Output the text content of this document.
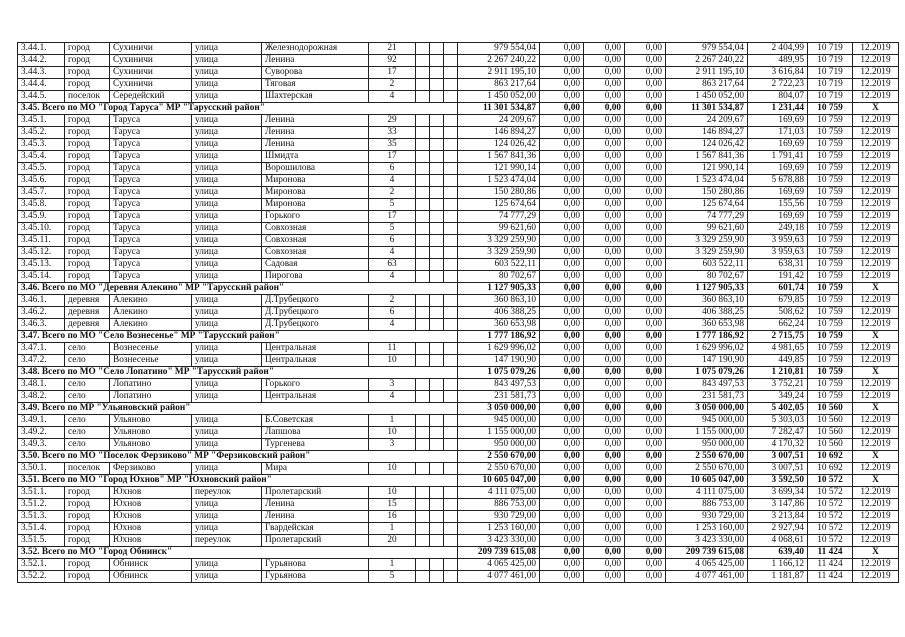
3.44.1.	город	Сухиничи	улица	Железнодорожная	21				979 554,04	0,00	0,00	0,00	979 554,04	2 404,99	10 719	12.2019
3.44.2.	город	Сухиничи	улица	Ленина	92				2 267 240,22	0,00	0,00	0,00	2 267 240,22	489,95	10 719	12.2019
3.44.3.	город	Сухиничи	улица	Суворова	17				2 911 195,10	0,00	0,00	0,00	2 911 195,10	3 616,84	10 719	12.2019
3.44.4.	город	Сухиничи	улица	Тяговая	2				863 217,64	0,00	0,00	0,00	863 217,64	2 722,23	10 719	12.2019
3.44.5.	поселок	Середейский	улица	Шахтерская	4				1 450 052,00	0,00	0,00	0,00	1 450 052,00	804,07	10 719	12.2019
3.45. Всего по МО "Город Таруса" МР "Тарусский район"									11 301 534,87	0,00	0,00	0,00	11 301 534,87	1 231,44	10 759	X
3.45.1.	город	Таруса	улица	Ленина	29				24 209,67	0,00	0,00	0,00	24 209,67	169,69	10 759	12.2019
3.45.2.	город	Таруса	улица	Ленина	33				146 894,27	0,00	0,00	0,00	146 894,27	171,03	10 759	12.2019
3.45.3.	город	Таруса	улица	Ленина	35				124 026,42	0,00	0,00	0,00	124 026,42	169,69	10 759	12.2019
3.45.4.	город	Таруса	улица	Шмидта	17				1 567 841,36	0,00	0,00	0,00	1 567 841,36	1 791,41	10 759	12.2019
3.45.5.	город	Таруса	улица	Ворошилова	6				121 990,14	0,00	0,00	0,00	121 990,14	169,69	10 759	12.2019
3.45.6.	город	Таруса	улица	Миронова	4				1 523 474,04	0,00	0,00	0,00	1 523 474,04	5 678,88	10 759	12.2019
3.45.7.	город	Таруса	улица	Миронова	2				150 280,86	0,00	0,00	0,00	150 280,86	169,69	10 759	12.2019
3.45.8.	город	Таруса	улица	Миронова	5				125 674,64	0,00	0,00	0,00	125 674,64	155,56	10 759	12.2019
3.45.9.	город	Таруса	улица	Горького	17				74 777,29	0,00	0,00	0,00	74 777,29	169,69	10 759	12.2019
3.45.10.	город	Таруса	улица	Совхозная	5				99 621,60	0,00	0,00	0,00	99 621,60	249,18	10 759	12.2019
3.45.11.	город	Таруса	улица	Совхозная	6				3 329 259,90	0,00	0,00	0,00	3 329 259,90	3 959,63	10 759	12.2019
3.45.12.	город	Таруса	улица	Совхозная	4				3 329 259,90	0,00	0,00	0,00	3 329 259,90	3 959,63	10 759	12.2019
3.45.13.	город	Таруса	улица	Садовая	63				603 522,11	0,00	0,00	0,00	603 522,11	638,31	10 759	12.2019
3.45.14.	город	Таруса	улица	Пирогова	4				80 702,67	0,00	0,00	0,00	80 702,67	191,42	10 759	12.2019
3.46. Всего по МО "Деревня Алекино" МР "Тарусский район"									1 127 905,33	0,00	0,00	0,00	1 127 905,33	601,74	10 759	X
3.46.1.	деревня	Алекино	улица	Д.Трубецкого	2				360 863,10	0,00	0,00	0,00	360 863,10	679,85	10 759	12.2019
3.46.2.	деревня	Алекино	улица	Д.Трубецкого	6				406 388,25	0,00	0,00	0,00	406 388,25	508,62	10 759	12.2019
3.46.3.	деревня	Алекино	улица	Д.Трубецкого	4				360 653,98	0,00	0,00	0,00	360 653,98	662,24	10 759	12.2019
3.47. Всего по МО "Село Вознесенье" МР "Тарусский район"									1 777 186,92	0,00	0,00	0,00	1 777 186,92	2 715,75	10 759	X
3.47.1.	село	Вознесенье	улица	Центральная	11				1 629 996,02	0,00	0,00	0,00	1 629 996,02	4 981,65	10 759	12.2019
3.47.2.	село	Вознесенье	улица	Центральная	10				147 190,90	0,00	0,00	0,00	147 190,90	449,85	10 759	12.2019
3.48. Всего по МО "Село Лопатино" МР "Тарусский район"									1 075 079,26	0,00	0,00	0,00	1 075 079,26	1 210,81	10 759	X
3.48.1.	село	Лопатино	улица	Горького	3				843 497,53	0,00	0,00	0,00	843 497,53	3 752,21	10 759	12.2019
3.48.2.	село	Лопатино	улица	Центральная	4				231 581,73	0,00	0,00	0,00	231 581,73	349,24	10 759	12.2019
3.49. Всего по МР "Ульяновский район"									3 050 000,00	0,00	0,00	0,00	3 050 000,00	5 402,05	10 560	X
3.49.1.	село	Ульяново	улица	Б.Советская	1				945 000,00	0,00	0,00	0,00	945 000,00	5 303,03	10 560	12.2019
3.49.2.	село	Ульяново	улица	Лапшова	10				1 155 000,00	0,00	0,00	0,00	1 155 000,00	7 282,47	10 560	12.2019
3.49.3.	село	Ульяново	улица	Тургенева	3				950 000,00	0,00	0,00	0,00	950 000,00	4 170,32	10 560	12.2019
3.50. Всего по МО "Поселок Ферзиково" МР "Ферзиковский район"									2 550 670,00	0,00	0,00	0,00	2 550 670,00	3 007,51	10 692	X
3.50.1.	поселок	Ферзиково	улица	Мира	10				2 550 670,00	0,00	0,00	0,00	2 550 670,00	3 007,51	10 692	12.2019
3.51. Всего по МО "Город Юхнов" МР "Юхновский район"									10 605 047,00	0,00	0,00	0,00	10 605 047,00	3 592,50	10 572	X
3.51.1.	город	Юхнов	переулок	Пролетарский	10				4 111 075,00	0,00	0,00	0,00	4 111 075,00	3 699,34	10 572	12.2019
3.51.2.	город	Юхнов	улица	Ленина	15				886 753,00	0,00	0,00	0,00	886 753,00	3 147,86	10 572	12.2019
3.51.3.	город	Юхнов	улица	Ленина	16				930 729,00	0,00	0,00	0,00	930 729,00	3 213,84	10 572	12.2019
3.51.4.	город	Юхнов	улица	Гвардейская	1				1 253 160,00	0,00	0,00	0,00	1 253 160,00	2 927,94	10 572	12.2019
3.51.5.	город	Юхнов	переулок	Пролетарский	20				3 423 330,00	0,00	0,00	0,00	3 423 330,00	4 068,61	10 572	12.2019
3.52. Всего по МО "Город Обнинск"									209 739 615,08	0,00	0,00	0,00	209 739 615,08	639,40	11 424	X
3.52.1.	город	Обнинск	улица	Гурьянова	1				4 065 425,00	0,00	0,00	0,00	4 065 425,00	1 166,12	11 424	12.2019
3.52.2.	город	Обнинск	улица	Гурьянова	5				4 077 461,00	0,00	0,00	0,00	4 077 461,00	1 181,87	11 424	12.2019
